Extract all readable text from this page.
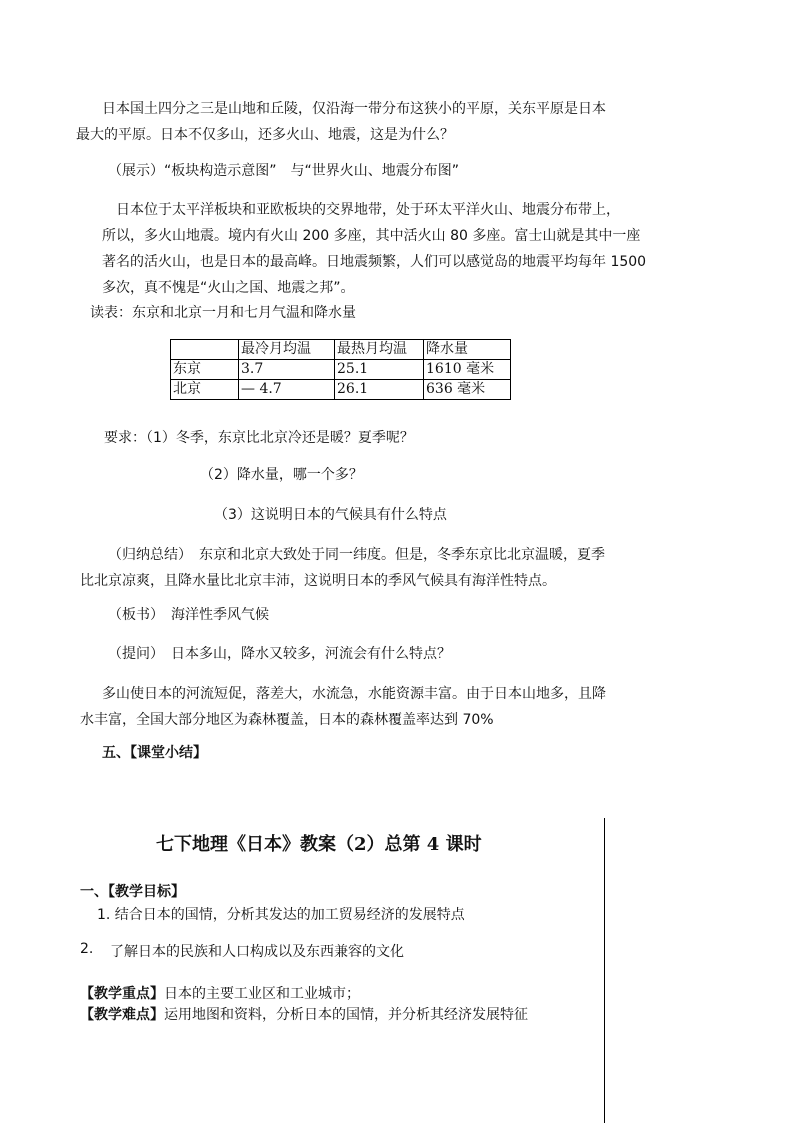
日本国土四分之三是山地和丘陵，仅沿海一带分布这狭小的平原，关东平原是日本
最大的平原。日本不仅多山，还多火山、地震，这是为什么？
（展示）“板块构造示意图”　与“世界火山、地震分布图”
日本位于太平洋板块和亚欧板块的交界地带，处于环太平洋火山、地震分布带上，
所以，多火山地震。境内有火山 200 多座，其中活火山 80 多座。富士山就是其中一座
著名的活火山，也是日本的最高峰。日地震频繁，人们可以感觉岛的地震平均每年 1500
多次，真不愧是“火山之国、地震之邦”。
读表：东京和北京一月和七月气温和降水量
	最冷月均温	最热月均温	降水量
东京	3.7	25.1	1610 毫米
北京	— 4.7	26.1	636 毫米
要求：（1）冬季，东京比北京冷还是暖？夏季呢？
（2）降水量，哪一个多？
（3）这说明日本的气候具有什么特点
（归纳总结）　东京和北京大致处于同一纬度。但是，冬季东京比北京温暖，夏季
比北京凉爽，且降水量比北京丰沛，这说明日本的季风气候具有海洋性特点。
（板书）　海洋性季风气候
（提问）　日本多山，降水又较多，河流会有什么特点？
多山使日本的河流短促，落差大，水流急，水能资源丰富。由于日本山地多，且降
水丰富，全国大部分地区为森林覆盖，日本的森林覆盖率达到 70%
五、【课堂小结】
七下地理《日本》教案（2）总第 4 课时
一、【教学目标】
1. 结合日本的国情，分析其发达的加工贸易经济的发展特点
2. 了解日本的民族和人口构成以及东西兼容的文化
【教学重点】日本的主要工业区和工业城市；
【教学难点】运用地图和资料，分析日本的国情，并分析其经济发展特征
